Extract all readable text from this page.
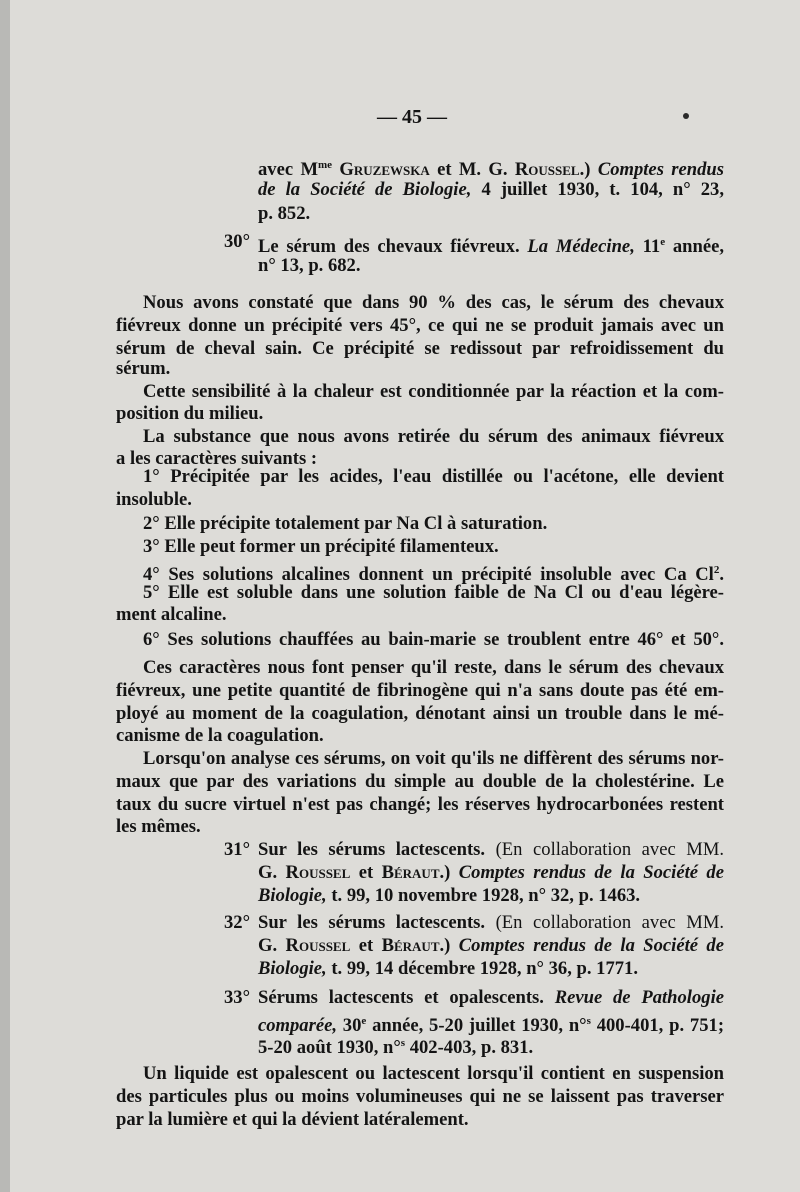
— 45 —
avec $M^{me}$ Gruzewska et M. G. Roussel.) Comptes rendus
de la Société de Biologie, 4 juillet 1930, t. 104, n° 23,
p. 852.
30° Le sérum des chevaux fiévreux. La Médecine, 11e année,
n° 13, p. 682.
Nous avons constaté que dans 90 % des cas, le sérum des chevaux
fiévreux donne un précipité vers 45°, ce qui ne se produit jamais avec un
sérum de cheval sain. Ce précipité se redissout par refroidissement du
sérum.
Cette sensibilité à la chaleur est conditionnée par la réaction et la com-
position du milieu.
La substance que nous avons retirée du sérum des animaux fiévreux
a les caractères suivants :
1° Précipitée par les acides, l'eau distillée ou l'acétone, elle devient
insoluble.
2° Elle précipite totalement par Na Cl à saturation.
3° Elle peut former un précipité filamenteux.
4° Ses solutions alcalines donnent un précipité insoluble avec Ca Cl$^2$.
5° Elle est soluble dans une solution faible de Na Cl ou d'eau légère-
ment alcaline.
6° Ses solutions chauffées au bain-marie se troublent entre 46° et 50°.
Ces caractères nous font penser qu'il reste, dans le sérum des chevaux
fiévreux, une petite quantité de fibrinogène qui n'a sans doute pas été em-
ployé au moment de la coagulation, dénotant ainsi un trouble dans le mé-
canisme de la coagulation.
Lorsqu'on analyse ces sérums, on voit qu'ils ne diffèrent des sérums nor-
maux que par des variations du simple au double de la cholestérine. Le
taux du sucre virtuel n'est pas changé; les réserves hydrocarbonées restent
les mêmes.
31° Sur les sérums lactescents. (En collaboration avec MM.
G. Roussel et Béraut.) Comptes rendus de la Société de
Biologie, t. 99, 10 novembre 1928, n° 32, p. 1463.
32° Sur les sérums lactescents. (En collaboration avec MM.
G. Roussel et Béraut.) Comptes rendus de la Société de
Biologie, t. 99, 14 décembre 1928, n° 36, p. 1771.
33° Sérums lactescents et opalescents. Revue de Pathologie
comparée, 30e année, 5-20 juillet 1930, n°$^s$ 400-401, p. 751;
5-20 août 1930, n°$^s$ 402-403, p. 831.
Un liquide est opalescent ou lactescent lorsqu'il contient en suspension
des particules plus ou moins volumineuses qui ne se laissent pas traverser
par la lumière et qui la dévient latéralement.
